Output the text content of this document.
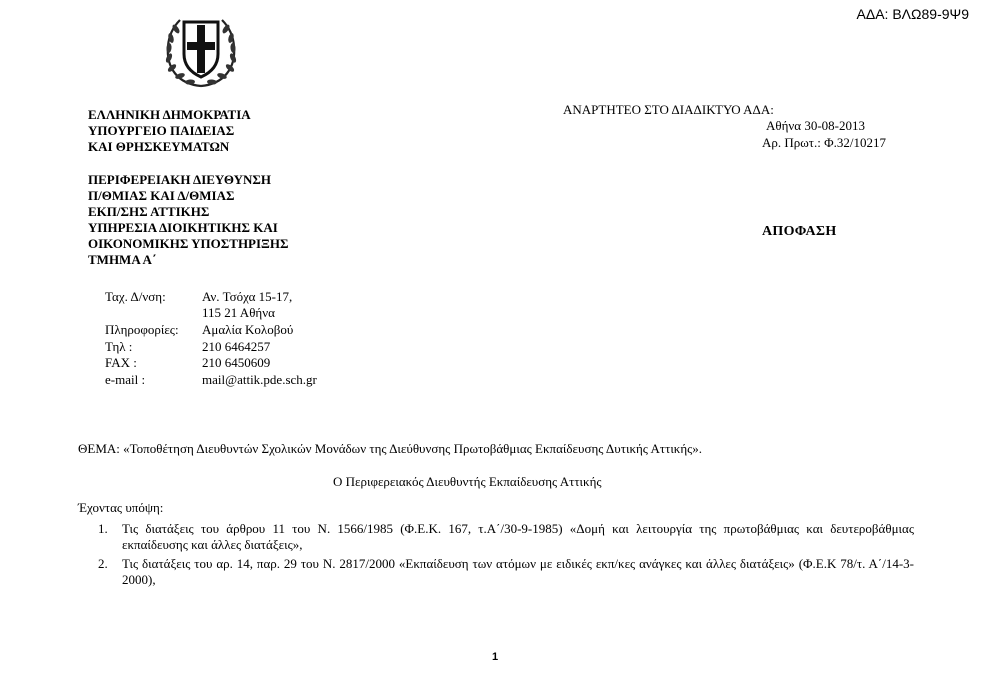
ΑΔΑ: ΒΛΩ89-9Ψ9
ΕΛΛΗΝΙΚΗ ΔΗΜΟΚΡΑΤΙΑ
ΥΠΟΥΡΓΕΙΟ ΠΑΙΔΕΙΑΣ
ΚΑΙ ΘΡΗΣΚΕΥΜΑΤΩΝ
ΠΕΡΙΦΕΡΕΙΑΚΗ ΔΙΕΥΘΥΝΣΗ
Π/ΘΜΙΑΣ ΚΑΙ Δ/ΘΜΙΑΣ
ΕΚΠ/ΣΗΣ ΑΤΤΙΚΗΣ
ΥΠΗΡΕΣΙΑ ΔΙΟΙΚΗΤΙΚΗΣ ΚΑΙ
ΟΙΚΟΝΟΜΙΚΗΣ ΥΠΟΣΤΗΡΙΞΗΣ
ΤΜΗΜΑ Α΄
Ταχ. Δ/νση:	Αν. Τσόχα 15-17,
115 21 Αθήνα
Πληροφορίες: Αμαλία Κολοβού
Τηλ :	210 6464257
FAX :	210 6450609
e-mail :	mail@attik.pde.sch.gr
ΑΝΑΡΤΗΤΕΟ ΣΤΟ ΔΙΑΔΙΚΤΥΟ ΑΔΑ:
Αθήνα 30-08-2013
Αρ. Πρωτ.: Φ.32/10217
ΑΠΟΦΑΣΗ
ΘΕΜΑ: «Τοποθέτηση Διευθυντών Σχολικών Μονάδων της Διεύθυνσης Πρωτοβάθμιας Εκπαίδευσης Δυτικής Αττικής».
Ο Περιφερειακός Διευθυντής Εκπαίδευσης Αττικής
Έχοντας υπόψη:
1. Τις διατάξεις του άρθρου 11 του Ν. 1566/1985 (Φ.Ε.Κ. 167, τ.Α΄/30-9-1985) «Δομή και λειτουργία της πρωτοβάθμιας και δευτεροβάθμιας εκπαίδευσης και άλλες διατάξεις»,
2. Τις διατάξεις του αρ. 14, παρ. 29 του Ν. 2817/2000 «Εκπαίδευση των ατόμων με ειδικές εκπ/κες ανάγκες και άλλες διατάξεις» (Φ.Ε.Κ 78/τ. Α΄/14-3-2000),
1
